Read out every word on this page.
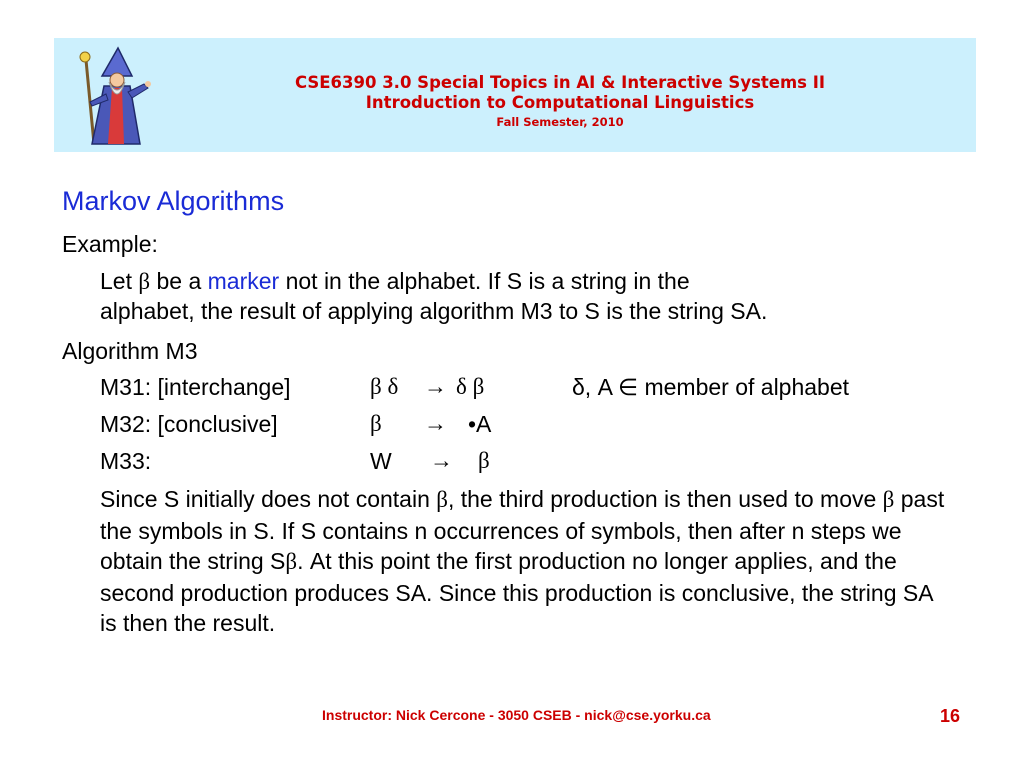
CSE6390 3.0 Special Topics in AI & Interactive Systems II
Introduction to Computational Linguistics
Fall Semester, 2010
Markov Algorithms
Example:
Let β be a marker not in the alphabet. If S is a string in the
alphabet, the result of applying algorithm M3 to S is the string SA.
Algorithm M3
M31: [interchange]	β δ → δ β	δ, A ∈ member of alphabet
M32: [conclusive]	β → •A
M33:	W → β
Since S initially does not contain β, the third production is then used to move β past the symbols in S. If S contains n occurrences of symbols, then after n steps we obtain the string Sβ. At this point the first production no longer applies, and the second production produces SA. Since this production is conclusive, the string SA is then the result.
Instructor: Nick Cercone - 3050 CSEB - nick@cse.yorku.ca	16
